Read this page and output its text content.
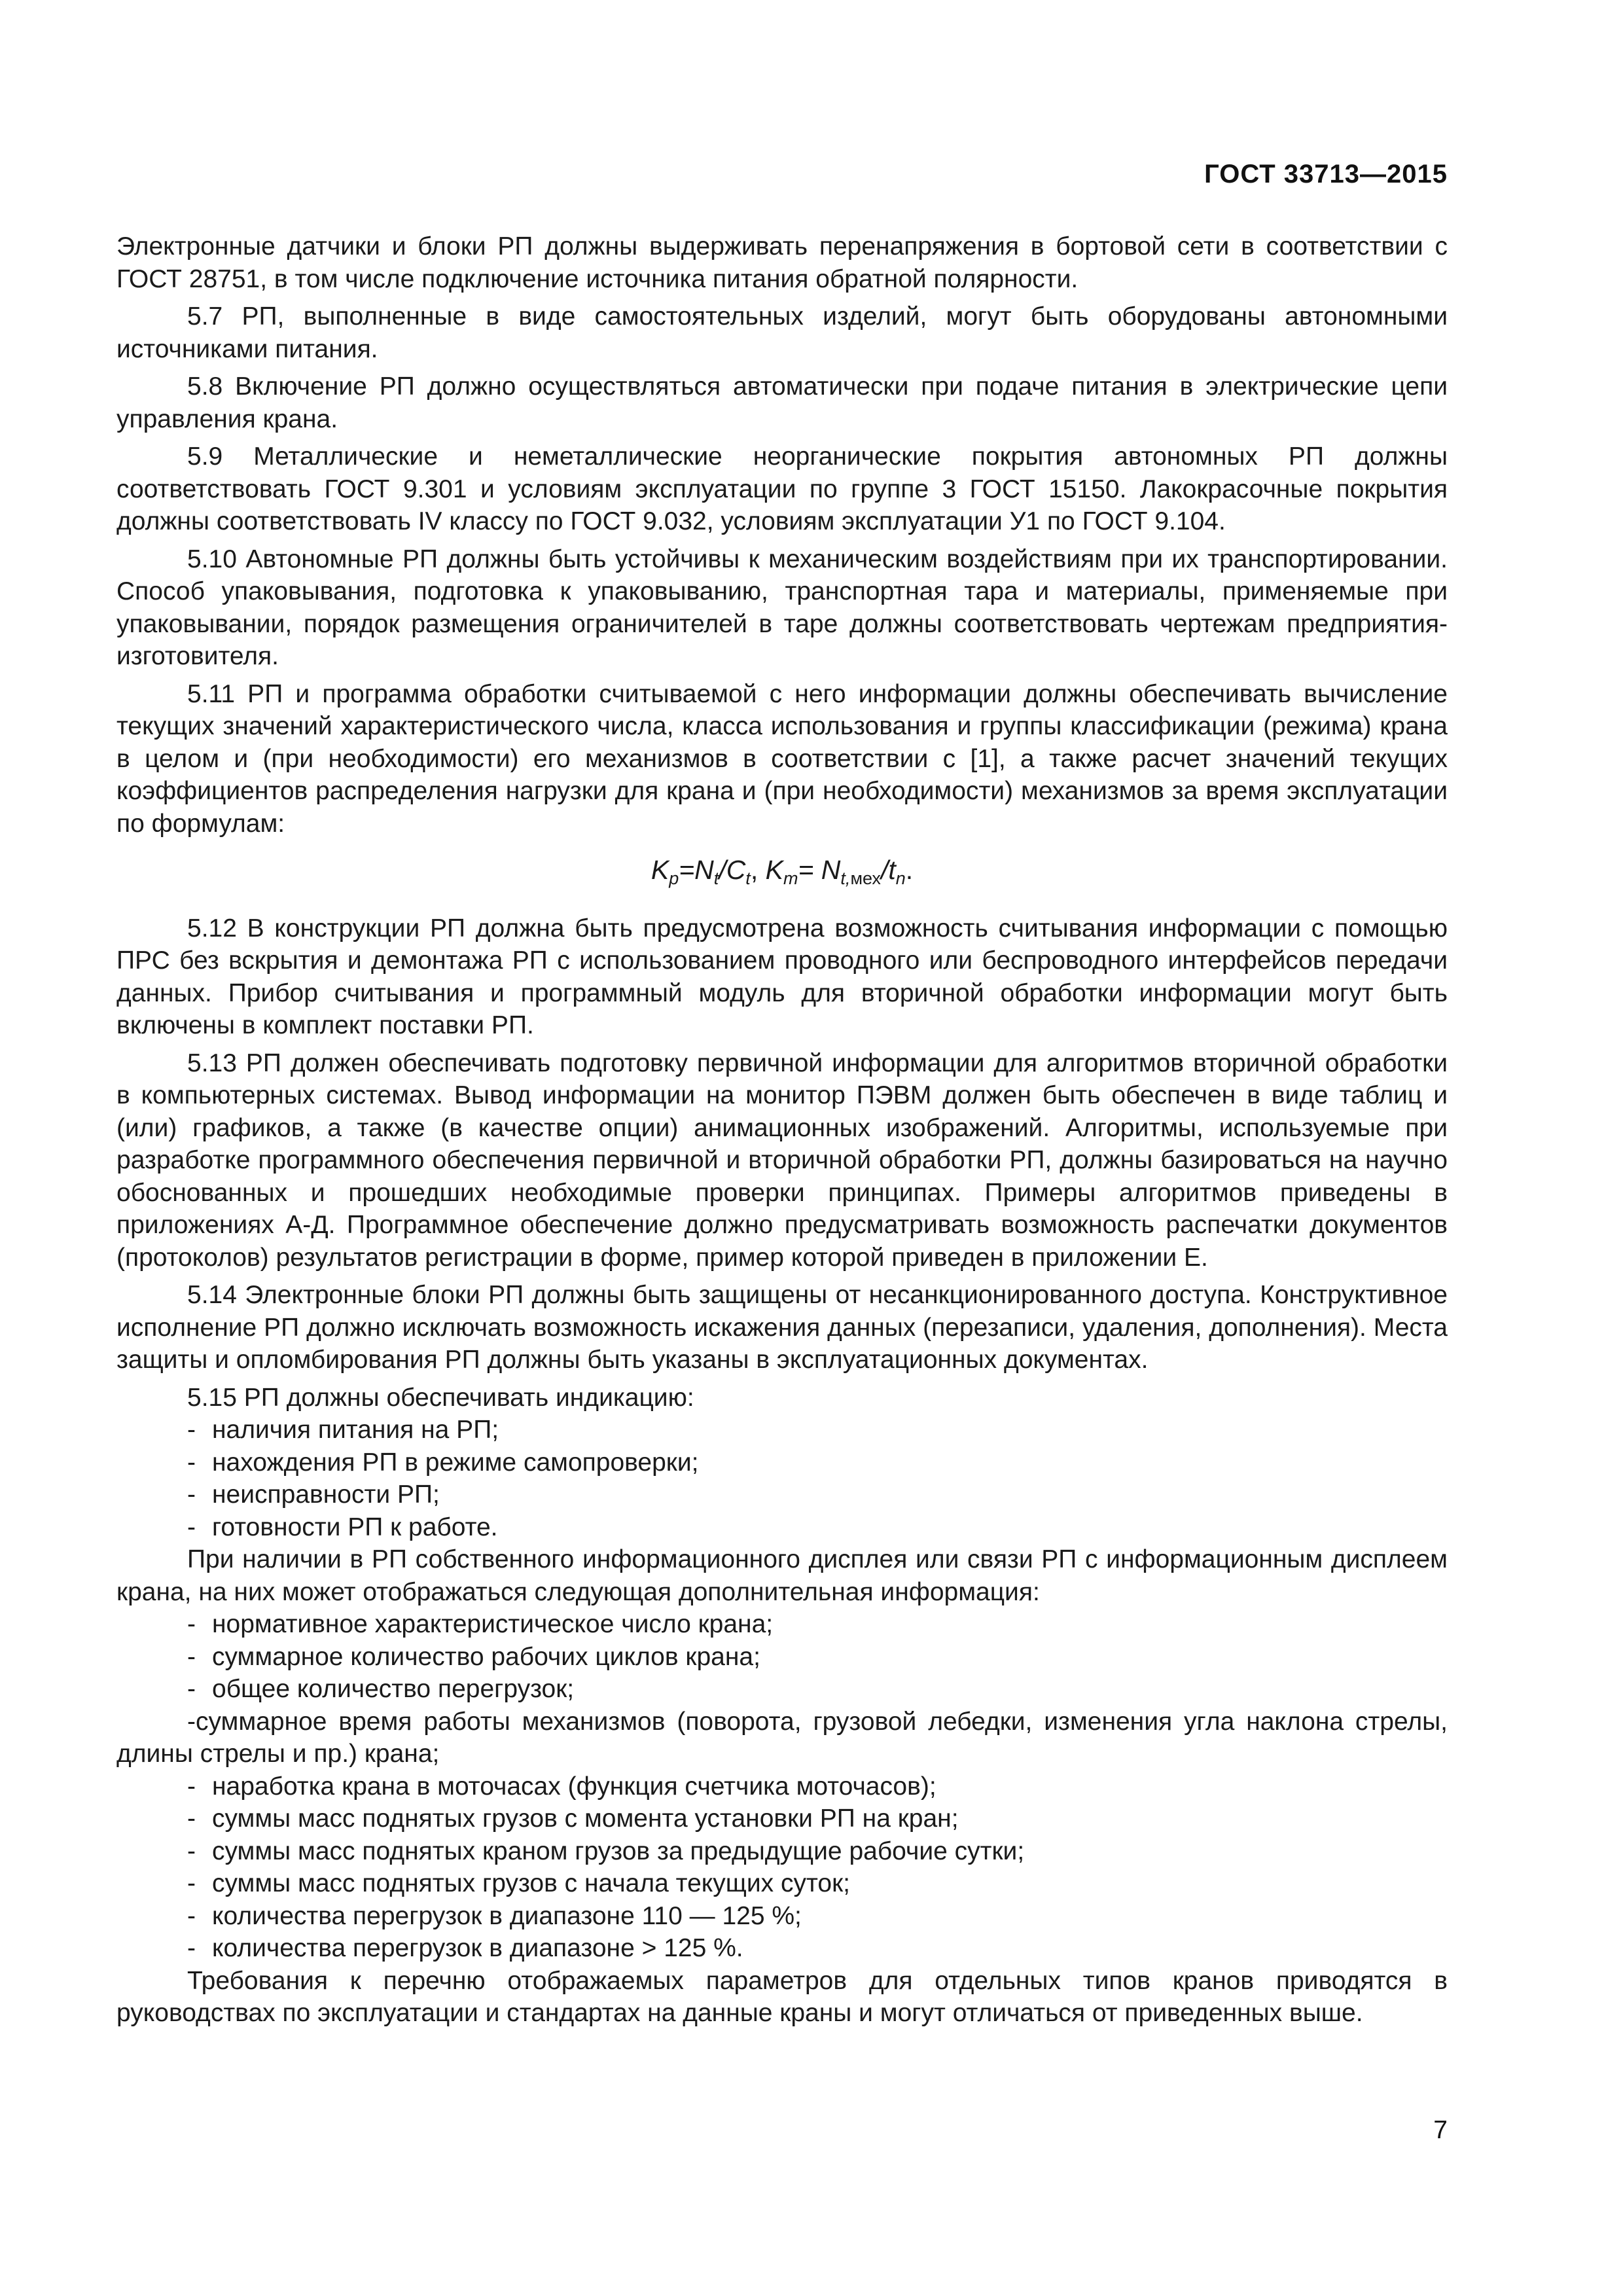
ГОСТ 33713—2015

Электронные датчики и блоки РП должны выдерживать перенапряжения в бортовой сети в соответствии с ГОСТ 28751, в том числе подключение источника питания обратной полярности.

5.7 РП, выполненные в виде самостоятельных изделий, могут быть оборудованы автономными источниками питания.

5.8 Включение РП должно осуществляться автоматически при подаче питания в электрические цепи управления крана.

5.9 Металлические и неметаллические неорганические покрытия автономных РП должны соответствовать ГОСТ 9.301 и условиям эксплуатации по группе 3 ГОСТ 15150. Лакокрасочные покрытия должны соответствовать IV классу по ГОСТ 9.032, условиям эксплуатации У1 по ГОСТ 9.104.

5.10 Автономные РП должны быть устойчивы к механическим воздействиям при их транспортировании. Способ упаковывания, подготовка к упаковыванию, транспортная тара и материалы, применяемые при упаковывании, порядок размещения ограничителей в таре должны соответствовать чертежам предприятия-изготовителя.

5.11 РП и программа обработки считываемой с него информации должны обеспечивать вычисление текущих значений характеристического числа, класса использования и группы классификации (режима) крана в целом и (при необходимости) его механизмов в соответствии с [1], а также расчет значений текущих коэффициентов распределения нагрузки для крана и (при необходимости) механизмов за время эксплуатации по формулам:

$K_p=N_t/C_t$, $K_m= N_{t,мех}/t_n$.

5.12 В конструкции РП должна быть предусмотрена возможность считывания информации с помощью ПРС без вскрытия и демонтажа РП с использованием проводного или беспроводного интерфейсов передачи данных. Прибор считывания и программный модуль для вторичной обработки информации могут быть включены в комплект поставки РП.

5.13 РП должен обеспечивать подготовку первичной информации для алгоритмов вторичной обработки в компьютерных системах. Вывод информации на монитор ПЭВМ должен быть обеспечен в виде таблиц и (или) графиков, а также (в качестве опции) анимационных изображений. Алгоритмы, используемые при разработке программного обеспечения первичной и вторичной обработки РП, должны базироваться на научно обоснованных и прошедших необходимые проверки принципах. Примеры алгоритмов приведены в приложениях А-Д. Программное обеспечение должно предусматривать возможность распечатки документов (протоколов) результатов регистрации в форме, пример которой приведен в приложении Е.

5.14 Электронные блоки РП должны быть защищены от несанкционированного доступа. Конструктивное исполнение РП должно исключать возможность искажения данных (перезаписи, удаления, дополнения). Места защиты и опломбирования РП должны быть указаны в эксплуатационных документах.

5.15 РП должны обеспечивать индикацию:

- наличия питания на РП;
- нахождения РП в режиме самопроверки;
- неисправности РП;
- готовности РП к работе.

При наличии в РП собственного информационного дисплея или связи РП с информационным дисплеем крана, на них может отображаться следующая дополнительная информация:

- нормативное характеристическое число крана;
- суммарное количество рабочих циклов крана;
- общее количество перегрузок;

-суммарное время работы механизмов (поворота, грузовой лебедки, изменения угла наклона стрелы, длины стрелы и пр.) крана;

- наработка крана в моточасах (функция счетчика моточасов);
- суммы масс поднятых грузов с момента установки РП на кран;
- суммы масс поднятых краном грузов за предыдущие рабочие сутки;
- суммы масс поднятых грузов с начала текущих суток;
- количества перегрузок в диапазоне 110 — 125 %;
- количества перегрузок в диапазоне > 125 %.

Требования к перечню отображаемых параметров для отдельных типов кранов приводятся в руководствах по эксплуатации и стандартах на данные краны и могут отличаться от приведенных выше.

7
